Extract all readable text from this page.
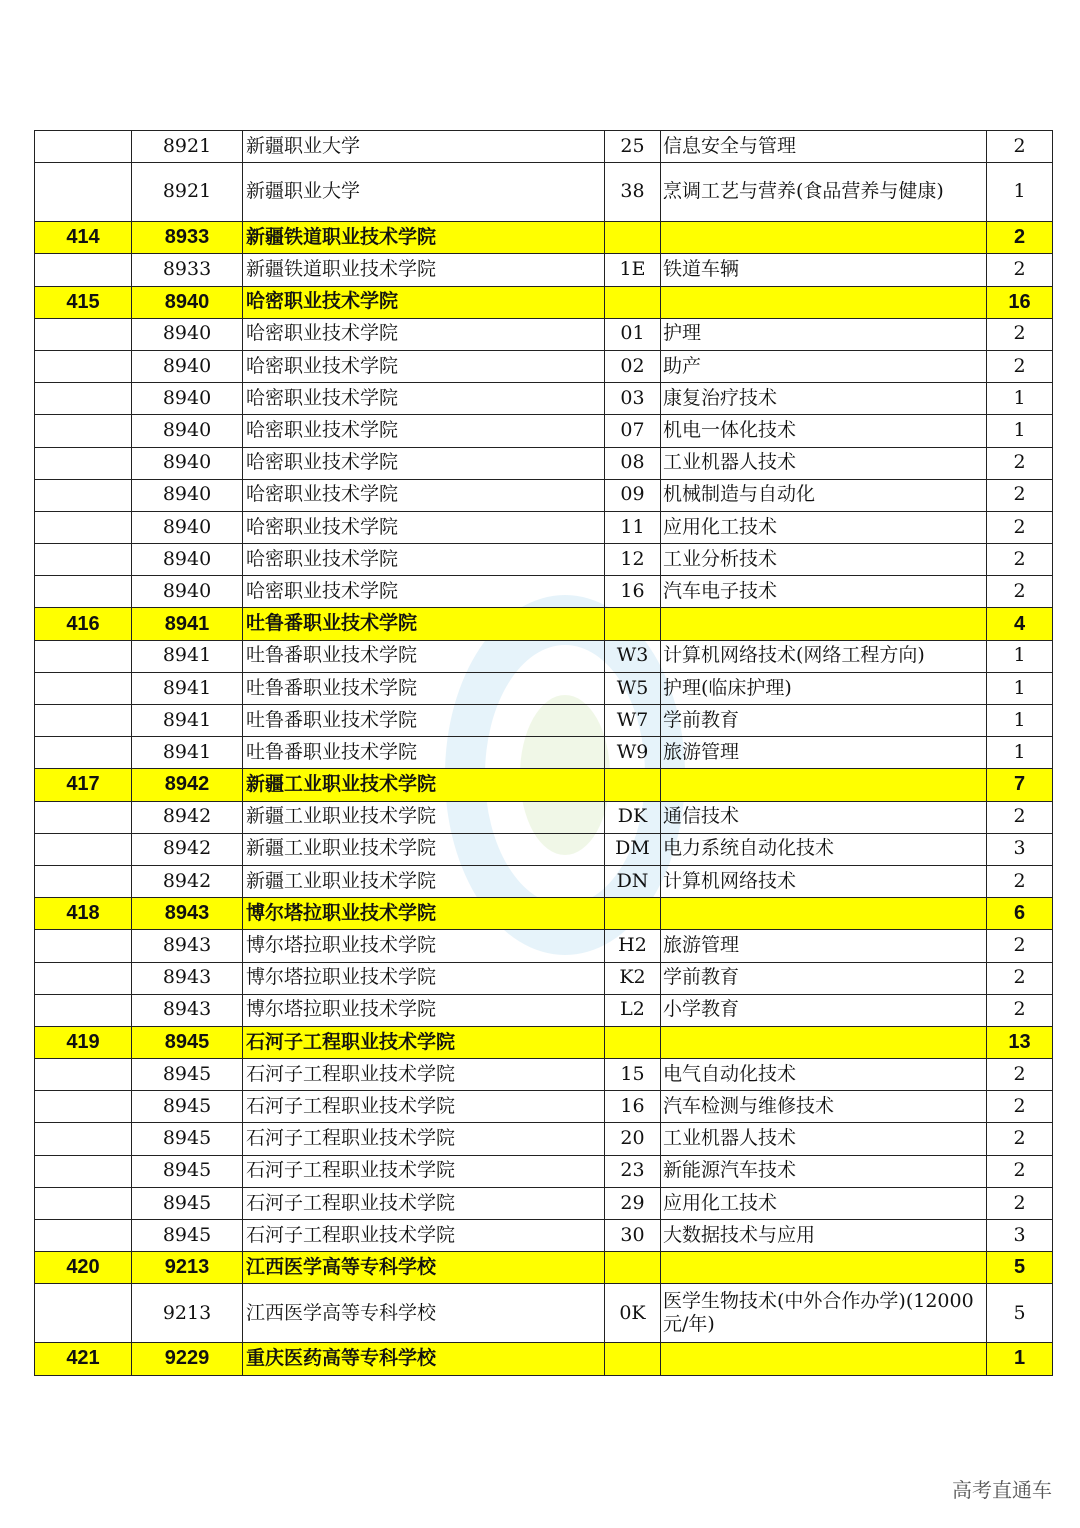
	8921	新疆职业大学	25	信息安全与管理	2
	8921	新疆职业大学	38	烹调工艺与营养(食品营养与健康)	1
414	8933	新疆铁道职业技术学院			2
	8933	新疆铁道职业技术学院	1E	铁道车辆	2
415	8940	哈密职业技术学院			16
	8940	哈密职业技术学院	01	护理	2
	8940	哈密职业技术学院	02	助产	2
	8940	哈密职业技术学院	03	康复治疗技术	1
	8940	哈密职业技术学院	07	机电一体化技术	1
	8940	哈密职业技术学院	08	工业机器人技术	2
	8940	哈密职业技术学院	09	机械制造与自动化	2
	8940	哈密职业技术学院	11	应用化工技术	2
	8940	哈密职业技术学院	12	工业分析技术	2
	8940	哈密职业技术学院	16	汽车电子技术	2
416	8941	吐鲁番职业技术学院			4
	8941	吐鲁番职业技术学院	W3	计算机网络技术(网络工程方向)	1
	8941	吐鲁番职业技术学院	W5	护理(临床护理)	1
	8941	吐鲁番职业技术学院	W7	学前教育	1
	8941	吐鲁番职业技术学院	W9	旅游管理	1
417	8942	新疆工业职业技术学院			7
	8942	新疆工业职业技术学院	DK	通信技术	2
	8942	新疆工业职业技术学院	DM	电力系统自动化技术	3
	8942	新疆工业职业技术学院	DN	计算机网络技术	2
418	8943	博尔塔拉职业技术学院			6
	8943	博尔塔拉职业技术学院	H2	旅游管理	2
	8943	博尔塔拉职业技术学院	K2	学前教育	2
	8943	博尔塔拉职业技术学院	L2	小学教育	2
419	8945	石河子工程职业技术学院			13
	8945	石河子工程职业技术学院	15	电气自动化技术	2
	8945	石河子工程职业技术学院	16	汽车检测与维修技术	2
	8945	石河子工程职业技术学院	20	工业机器人技术	2
	8945	石河子工程职业技术学院	23	新能源汽车技术	2
	8945	石河子工程职业技术学院	29	应用化工技术	2
	8945	石河子工程职业技术学院	30	大数据技术与应用	3
420	9213	江西医学高等专科学校			5
	9213	江西医学高等专科学校	0K	医学生物技术(中外合作办学)(12000 元/年)	5
421	9229	重庆医药高等专科学校			1
高考直通车
